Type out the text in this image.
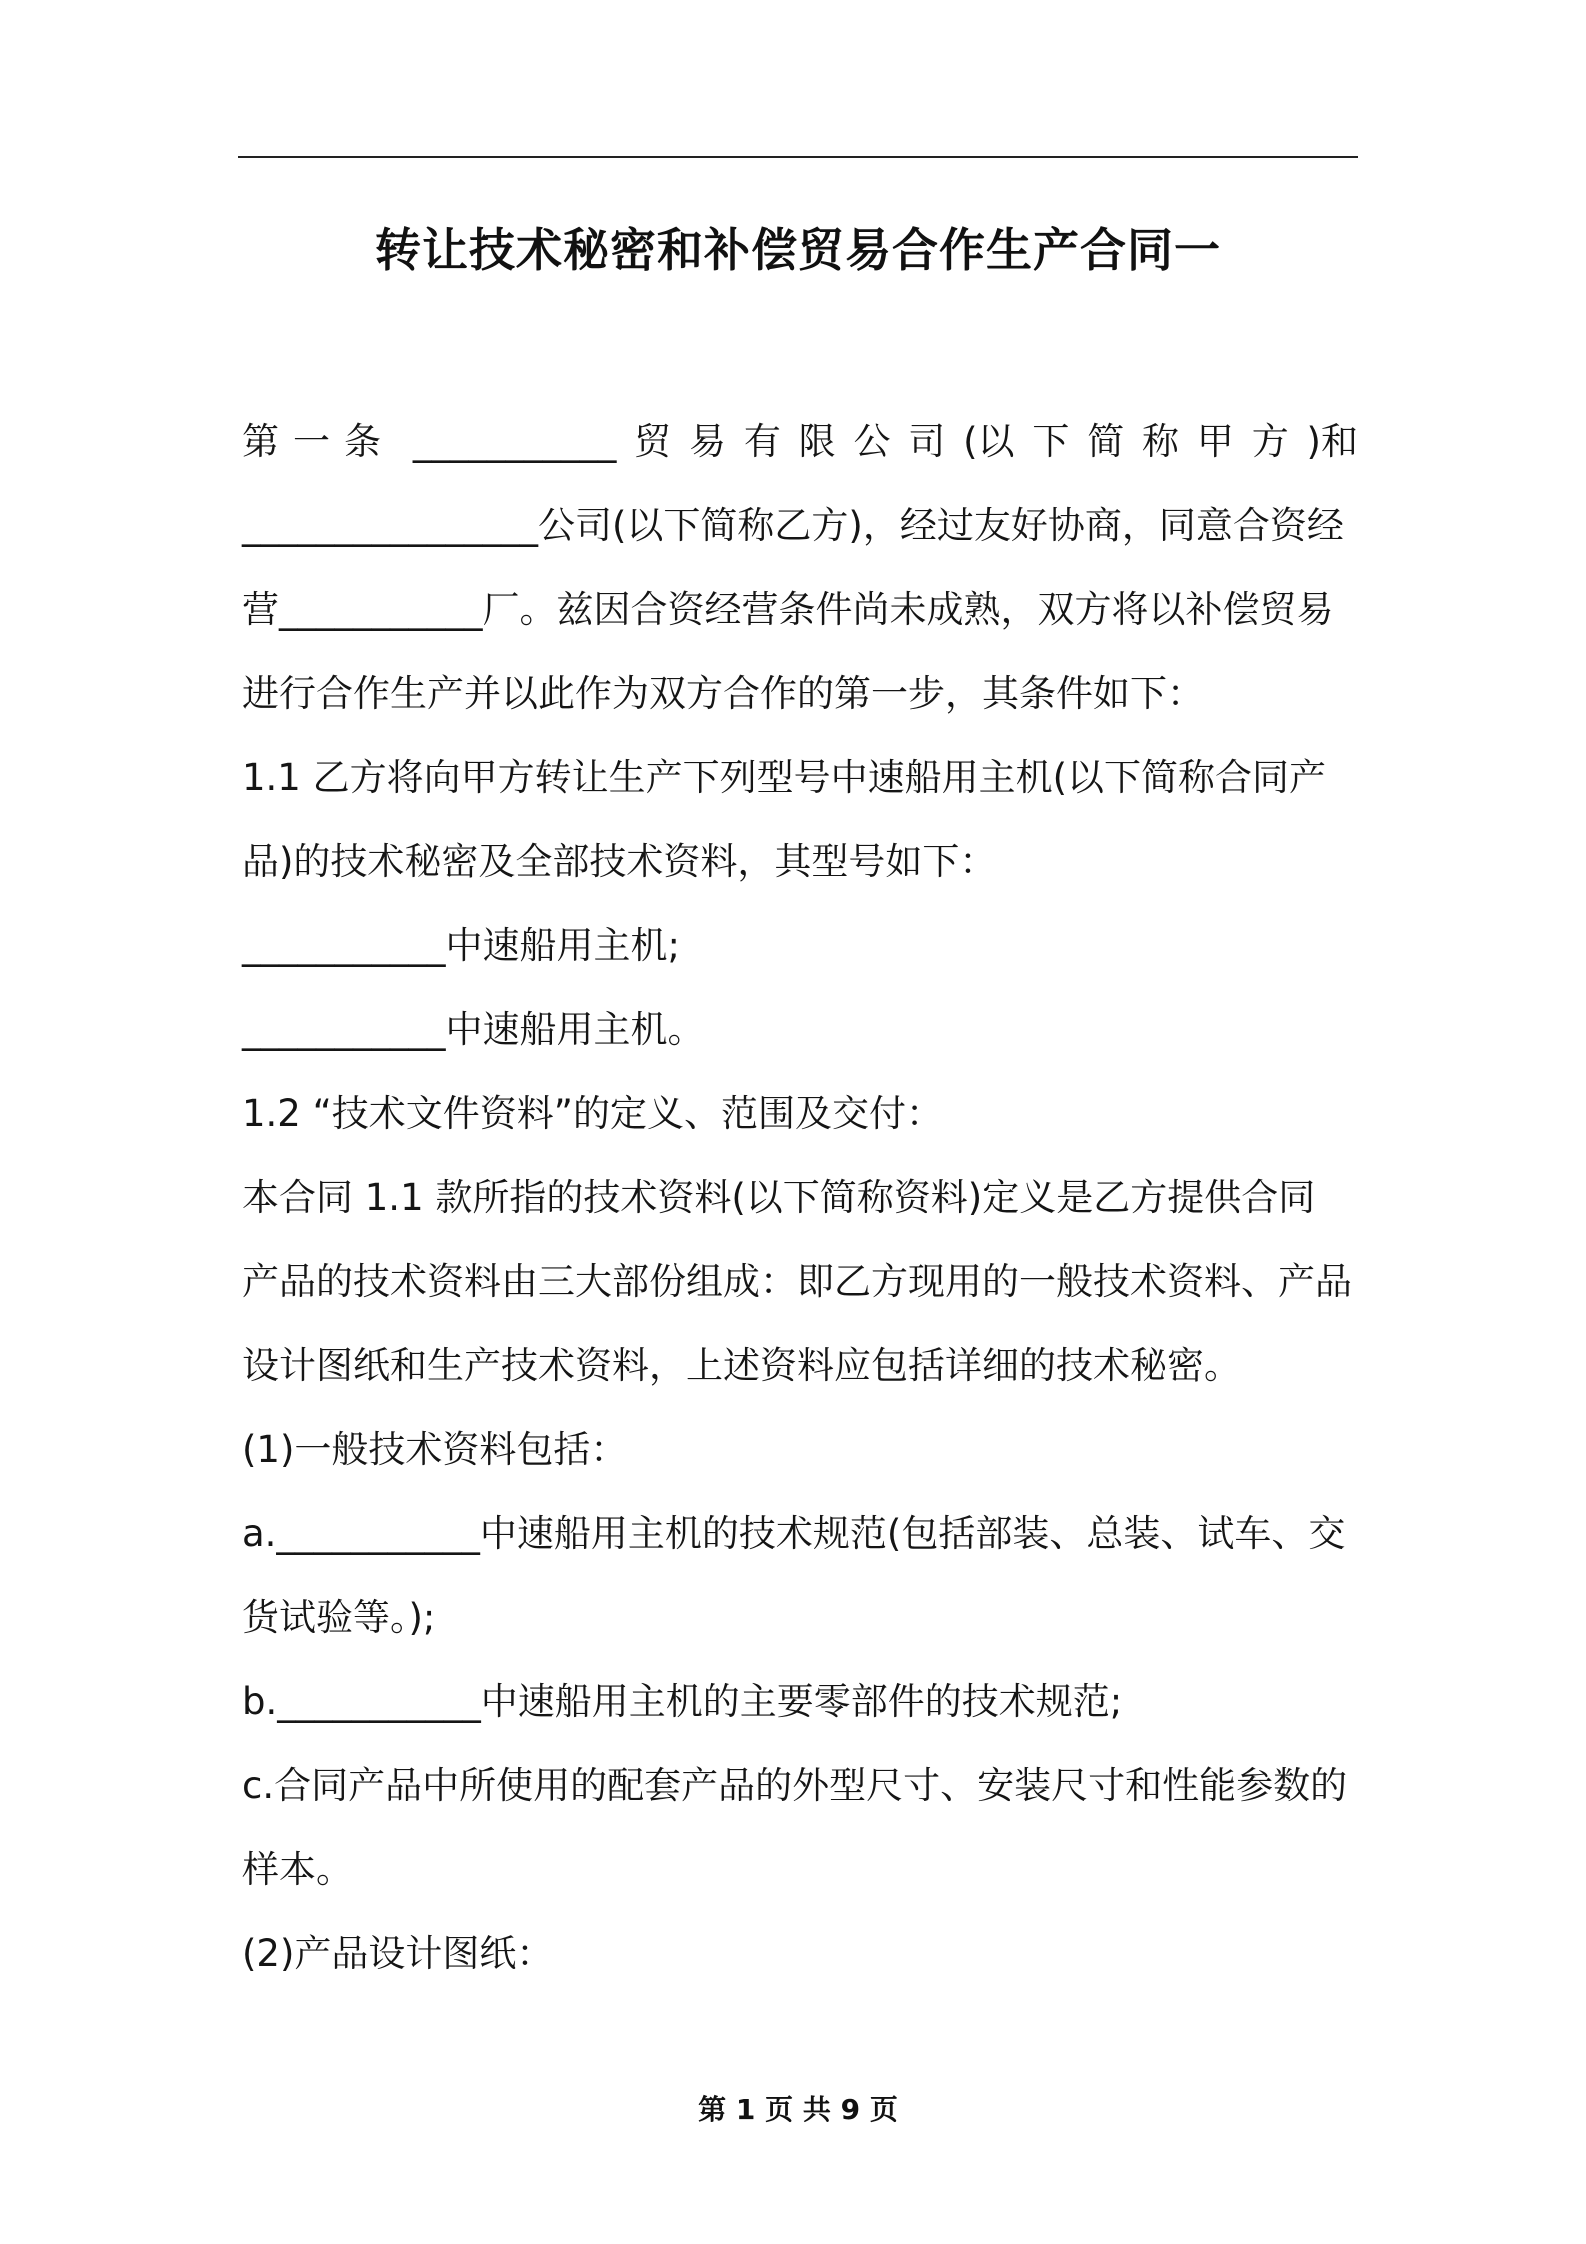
转让技术秘密和补偿贸易合作生产合同一
第一条 ___________ 贸 易 有 限 公 司 (以 下 简 称 甲 方 )和
________________公司(以下简称乙方)，经过友好协商，同意合资经
营___________厂。兹因合资经营条件尚未成熟，双方将以补偿贸易
进行合作生产并以此作为双方合作的第一步，其条件如下：
1.1 乙方将向甲方转让生产下列型号中速船用主机(以下简称合同产
品)的技术秘密及全部技术资料，其型号如下：
___________中速船用主机;
___________中速船用主机。
1.2 “技术文件资料”的定义、范围及交付：
本合同 1.1 款所指的技术资料(以下简称资料)定义是乙方提供合同
产品的技术资料由三大部份组成：即乙方现用的一般技术资料、产品
设计图纸和生产技术资料，上述资料应包括详细的技术秘密。
(1)一般技术资料包括：
a.___________中速船用主机的技术规范(包括部装、总装、试车、交
货试验等。);
b.___________中速船用主机的主要零部件的技术规范;
c.合同产品中所使用的配套产品的外型尺寸、安装尺寸和性能参数的
样本。
(2)产品设计图纸：
第 1 页 共 9 页
